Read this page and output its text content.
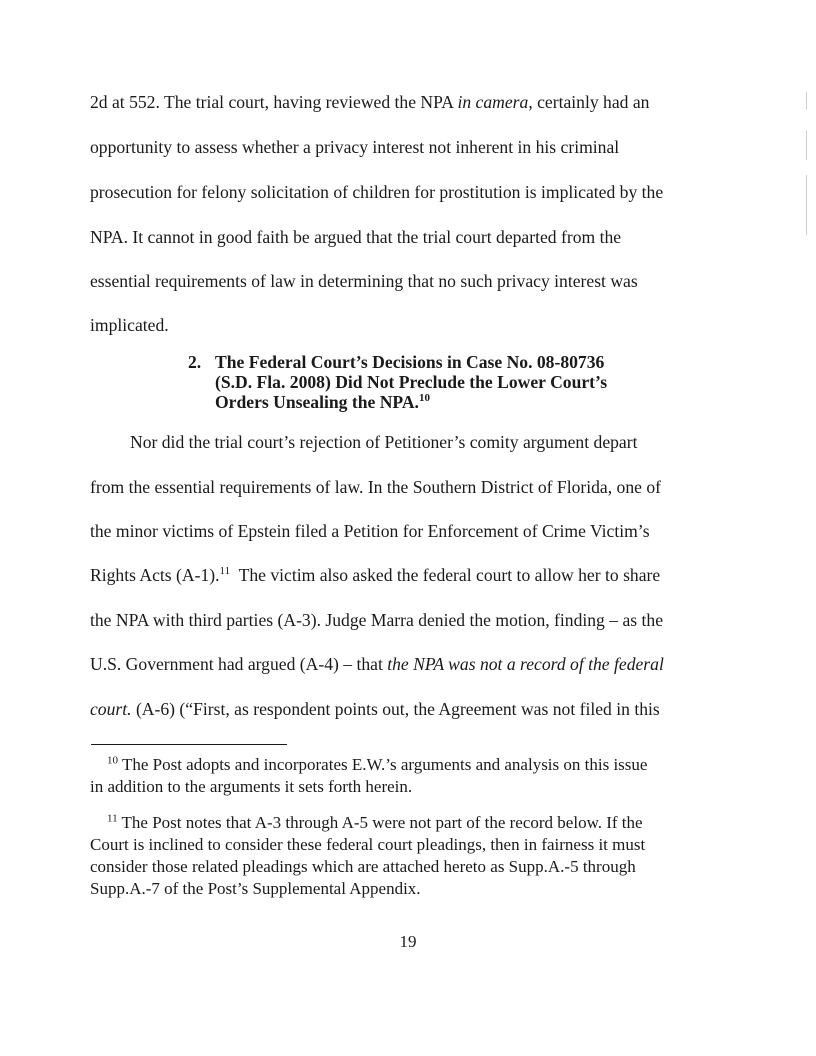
2d at 552. The trial court, having reviewed the NPA in camera, certainly had an
opportunity to assess whether a privacy interest not inherent in his criminal
prosecution for felony solicitation of children for prostitution is implicated by the
NPA. It cannot in good faith be argued that the trial court departed from the
essential requirements of law in determining that no such privacy interest was
implicated.
2. The Federal Court’s Decisions in Case No. 08-80736
(S.D. Fla. 2008) Did Not Preclude the Lower Court’s
Orders Unsealing the NPA.$^{10}$
Nor did the trial court’s rejection of Petitioner’s comity argument depart
from the essential requirements of law. In the Southern District of Florida, one of
the minor victims of Epstein filed a Petition for Enforcement of Crime Victim’s
Rights Acts (A-1).$^{11}$  The victim also asked the federal court to allow her to share
the NPA with third parties (A-3). Judge Marra denied the motion, finding – as the
U.S. Government had argued (A-4) – that the NPA was not a record of the federal
court. (A-6) (“First, as respondent points out, the Agreement was not filed in this
$^{10}$ The Post adopts and incorporates E.W.’s arguments and analysis on this issue
in addition to the arguments it sets forth herein.
$^{11}$ The Post notes that A-3 through A-5 were not part of the record below. If the
Court is inclined to consider these federal court pleadings, then in fairness it must
consider those related pleadings which are attached hereto as Supp.A.-5 through
Supp.A.-7 of the Post’s Supplemental Appendix.
19
